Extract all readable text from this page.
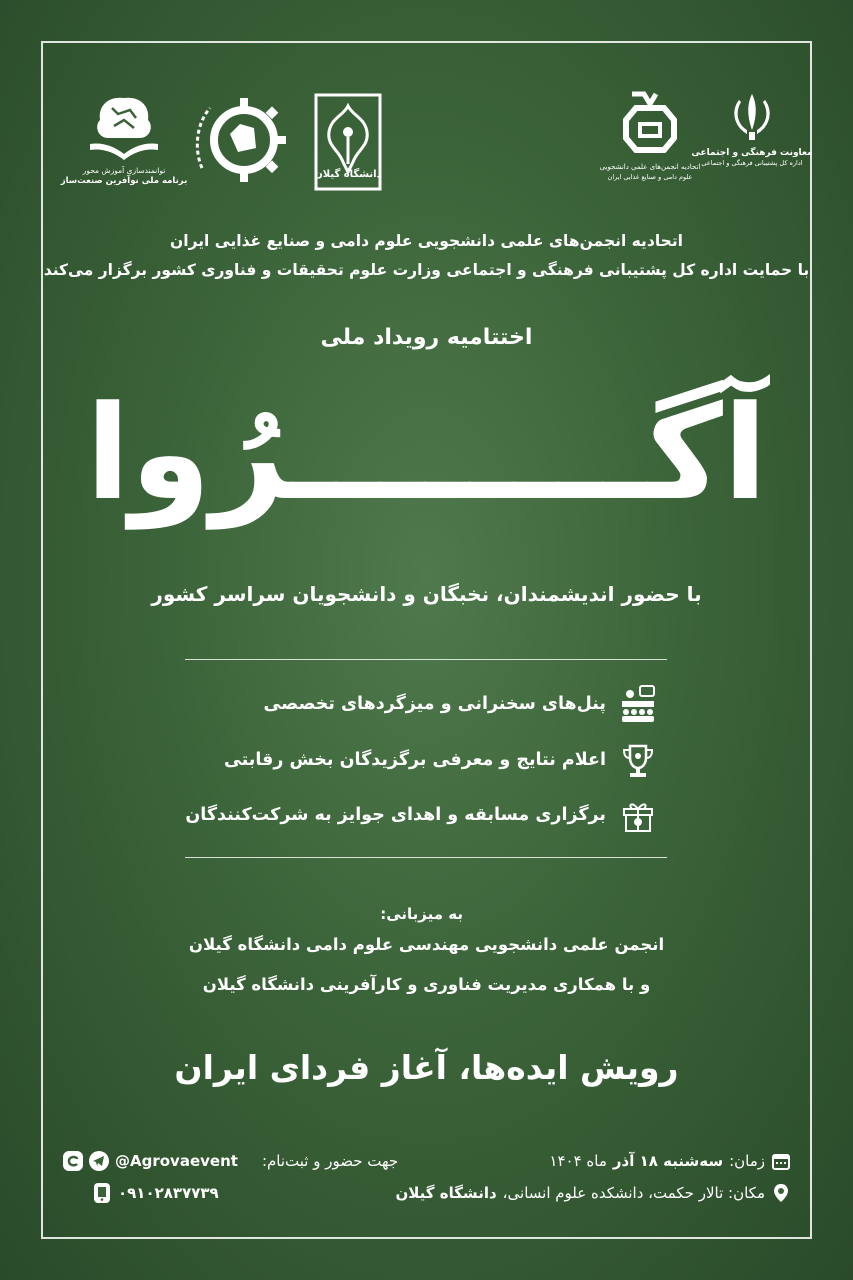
معاونت فرهنگی و اجتماعی
اداره کل پشتیبانی فرهنگی و اجتماعی
اتحادیه انجمن‌های علمی دانشجویی
علوم دامی و صنایع غذایی ایران
دانشگاه گیلان
توانمندسازی آموزش محور
برنامه ملی نوآفرین صنعت‌ساز
اتحادیه انجمن‌های علمی دانشجویی علوم دامی و صنایع غذایی ایران
با حمایت اداره کل پشتیبانی فرهنگی و اجتماعی وزارت علوم تحقیقات و فناوری کشور برگزار می‌کند
اختتامیه رویداد ملی
آگــــــــرُوا
با حضور اندیشمندان، نخبگان و دانشجویان سراسر کشور
پنل‌های سخنرانی و میزگردهای تخصصی
اعلام نتایج و معرفی برگزیدگان بخش رقابتی
برگزاری مسابقه و اهدای جوایز به شرکت‌کنندگان
به میزبانی:
انجمن علمی دانشجویی مهندسی علوم دامی دانشگاه گیلان
و با همکاری مدیریت فناوری و کارآفرینی دانشگاه گیلان
رویش ایده‌ها، آغاز فردای ایران
زمان:
سه‌شنبه ۱۸ آذر
ماه ۱۴۰۴
مکان: تالار حکمت، دانشکده علوم انسانی،
دانشگاه گیلان
@Agrovaevent جهت حضور و ثبت‌نام:
۰۹۱۰۲۸۳۷۷۳۹
